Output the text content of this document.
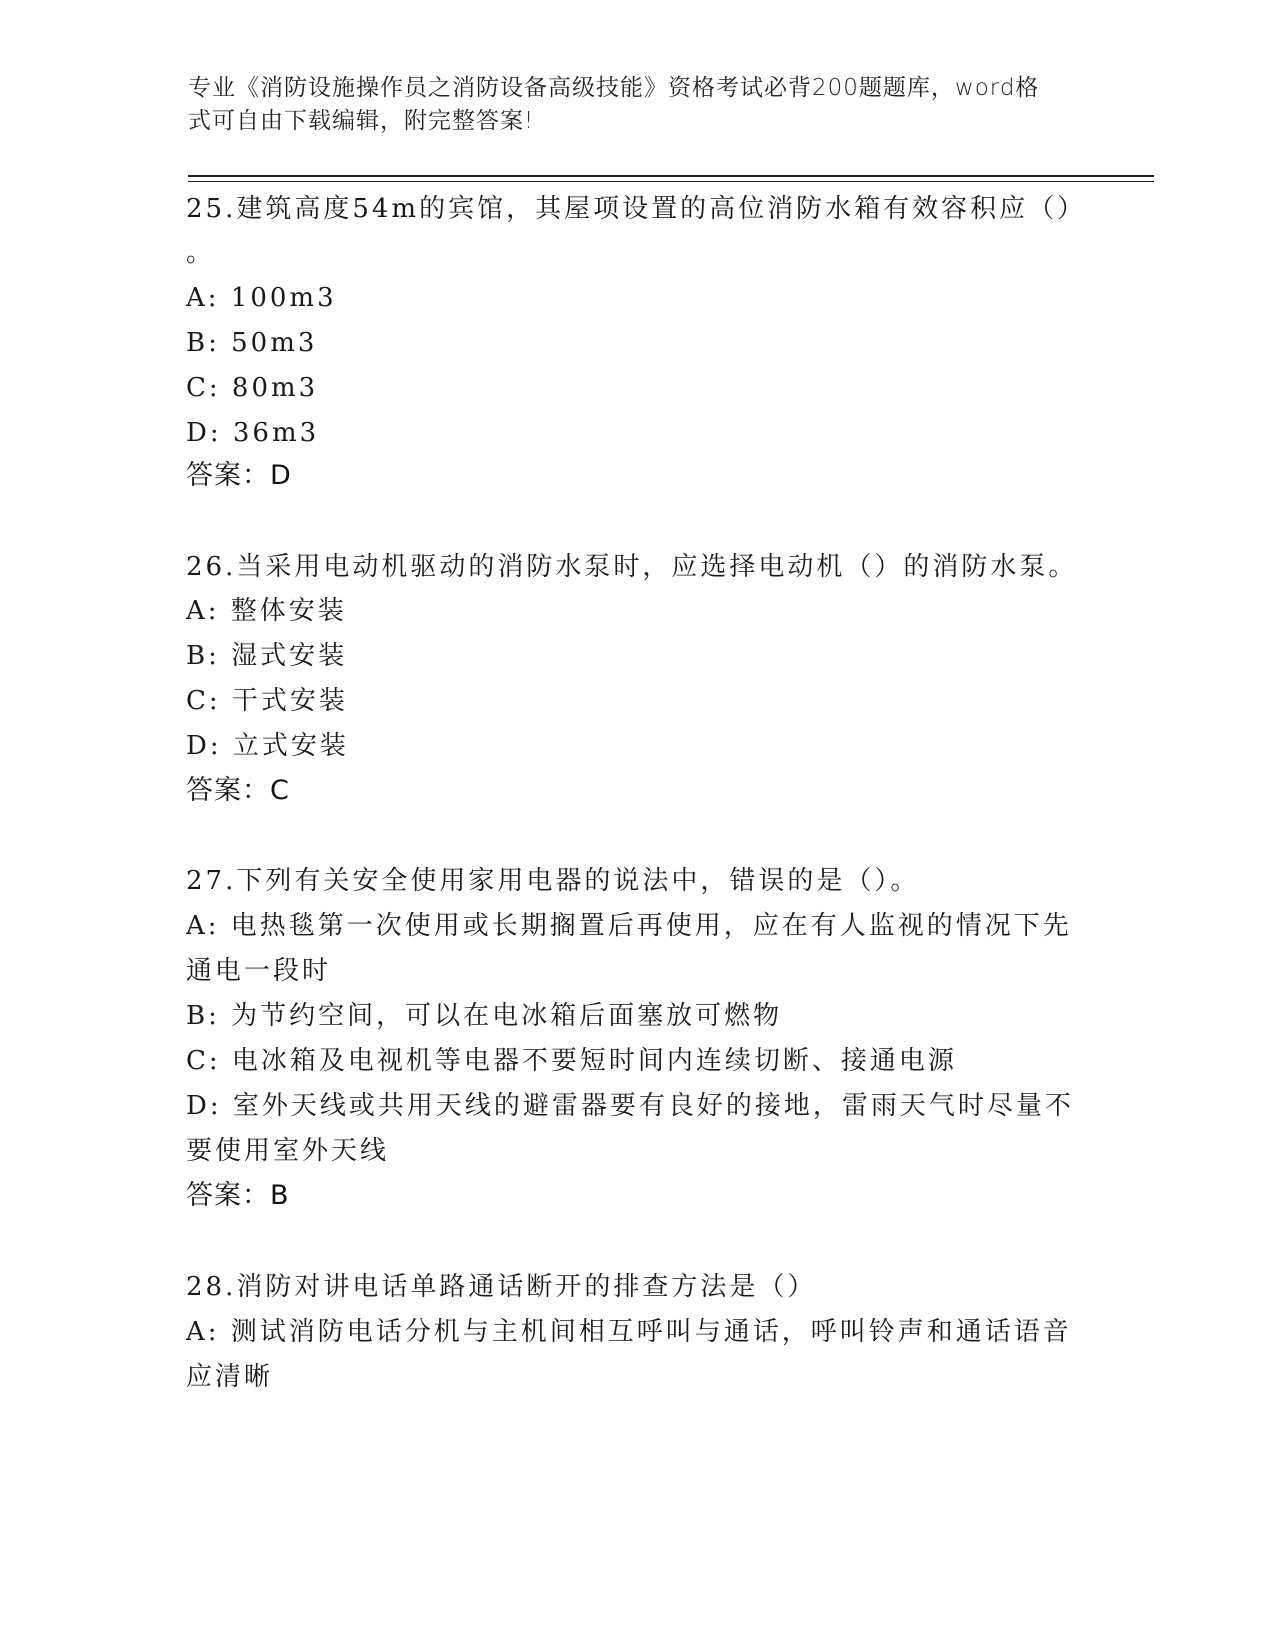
专业《消防设施操作员之消防设备高级技能》资格考试必背200题题库，word格
式可自由下载编辑，附完整答案!
25.建筑高度54m的宾馆，其屋项设置的高位消防水箱有效容积应（）
。
A: 100m3
B: 50m3
C: 80m3
D: 36m3
答案：D
26.当采用电动机驱动的消防水泵时，应选择电动机（）的消防水泵。
A: 整体安装
B: 湿式安装
C: 干式安装
D: 立式安装
答案：C
27.下列有关安全使用家用电器的说法中，错误的是（）。
A: 电热毯第一次使用或长期搁置后再使用，应在有人监视的情况下先
通电一段时
B: 为节约空间，可以在电冰箱后面塞放可燃物
C: 电冰箱及电视机等电器不要短时间内连续切断、接通电源
D: 室外天线或共用天线的避雷器要有良好的接地，雷雨天气时尽量不
要使用室外天线
答案：B
28.消防对讲电话单路通话断开的排查方法是（）
A: 测试消防电话分机与主机间相互呼叫与通话，呼叫铃声和通话语音
应清晰
